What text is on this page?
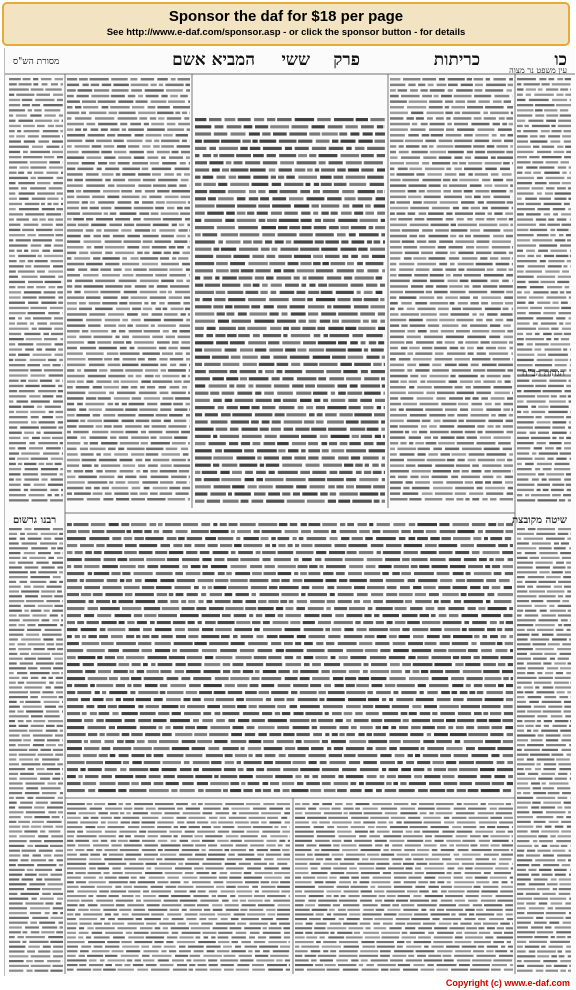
Sponsor the daf for $18 per page
See http://www.e-daf.com/sponsor.asp - or click the sponsor button - for details
כו
כריתות
פרק
ששי
המביא אשם
מסורת הש"ס
עין משפט נר מצוה
רבנו גרשום	שיטה מקובצת
הגהות הב"ח
Copyright (c) www.e-daf.com
